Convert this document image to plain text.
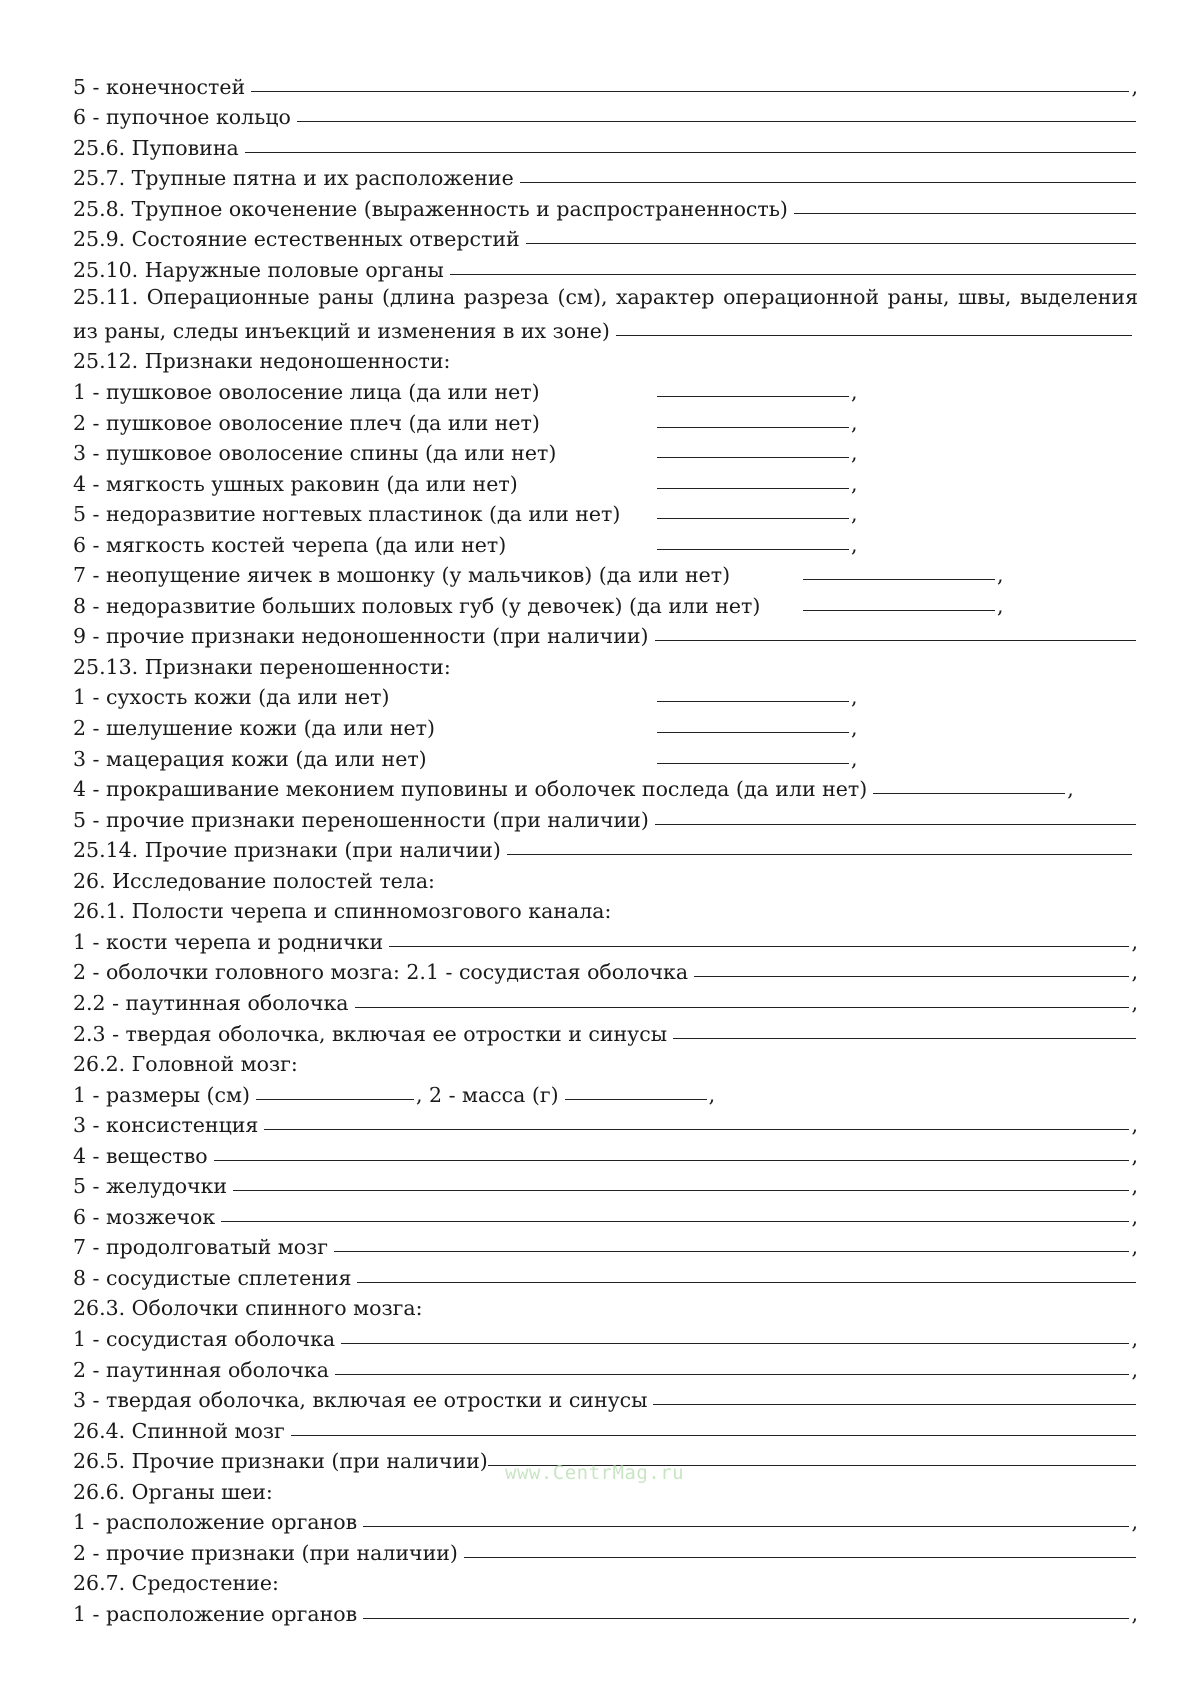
5 - конечностей	,
6 - пупочное кольцо
25.6. Пуповина
25.7. Трупные пятна и их расположение
25.8. Трупное окоченение (выраженность и распространенность)
25.9. Состояние естественных отверстий
25.10. Наружные половые органы
25.11. Операционные раны (длина разреза (см), характер операционной раны, швы, выделения
из раны, следы инъекций и изменения в их зоне)
25.12. Признаки недоношенности:
1 - пушковое оволосение лица (да или нет)	,
2 - пушковое оволосение плеч (да или нет)	,
3 - пушковое оволосение спины (да или нет)	,
4 - мягкость ушных раковин (да или нет)	,
5 - недоразвитие ногтевых пластинок (да или нет)	,
6 - мягкость костей черепа (да или нет)	,
7 - неопущение яичек в мошонку (у мальчиков) (да или нет)	,
8 - недоразвитие больших половых губ (у девочек) (да или нет)	,
9 - прочие признаки недоношенности (при наличии)
25.13. Признаки переношенности:
1 - сухость кожи (да или нет)	,
2 - шелушение кожи (да или нет)	,
3 - мацерация кожи (да или нет)	,
4 - прокрашивание меконием пуповины и оболочек последа (да или нет)	,
5 - прочие признаки переношенности (при наличии)
25.14. Прочие признаки (при наличии)
26. Исследование полостей тела:
26.1. Полости черепа и спинномозгового канала:
1 - кости черепа и роднички	,
2 - оболочки головного мозга: 2.1 - сосудистая оболочка	,
2.2 - паутинная оболочка	,
2.3 - твердая оболочка, включая ее отростки и синусы
26.2. Головной мозг:
1 - размеры (см)	, 2 - масса (г)	,
3 - консистенция	,
4 - вещество	,
5 - желудочки	,
6 - мозжечок	,
7 - продолговатый мозг	,
8 - сосудистые сплетения
26.3. Оболочки спинного мозга:
1 - сосудистая оболочка	,
2 - паутинная оболочка	,
3 - твердая оболочка, включая ее отростки и синусы
26.4. Спинной мозг
26.5. Прочие признаки (при наличии)
26.6. Органы шеи:
1 - расположение органов	,
2 - прочие признаки (при наличии)
26.7. Средостение:
1 - расположение органов	,
www.CentrMag.ru
